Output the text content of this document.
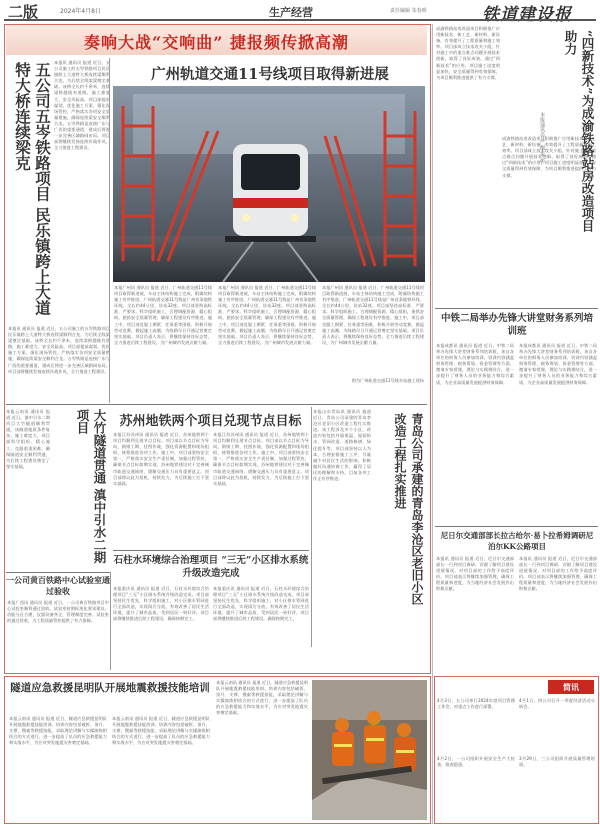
二版	2024年4月8日	生产经营	责任编辑 朱春明	铁道建设报
奏响大战“交响曲” 捷报频传掀高潮
五公司五岑铁路项目 民乐镇跨上大道特大桥连续梁克	本报讯 通讯员 报道 近日，五公司施工的五岑铁路项目民乐镇跨上大道特大桥连续梁顺利合龙，为后续全线架梁奠定基础。该桥全长约千余米，连续梁跨越既有道路，施工难度大、安全风险高。项目部提前谋划，优化施工方案，强化现场管控，严格落实各项安全质量措施，确保连续梁安全顺利合龙。五岑铁路是连接广东与广西的重要通道，建成后将进一步完善区域路网布局。项目部将继续发扬连续作战作风，全力推进工程建设。
本报讯 通讯员 报道 近日，五公司施工的五岑铁路项目民乐镇跨上大道特大桥连续梁顺利合龙，为后续全线架梁奠定基础。该桥全长约千余米，连续梁跨越既有道路，施工难度大、安全风险高。项目部提前谋划，优化施工方案，强化现场管控，严格落实各项安全质量措施，确保连续梁安全顺利合龙。五岑铁路是连接广东与广西的重要通道，建成后将进一步完善区域路网布局。项目部将继续发扬连续作战作风，全力推进工程建设。
广州轨道交通11号线项目取得新进展
本报广州讯 通讯员 报道 近日，广州轨道交通11号线项目取得新进展，车站主体结构施工完成，附属结构施工有序推进。广州轨道交通11号线是广州首条地铁环线，全长约44公里，设站32座。项目部坚持高标准、严要求，科学组织施工，合理调配资源，精心组织，狠抓安全质量管理，确保工程建设有序推进。施工中，项目部克服工期紧、任务重等困难，积极开展劳动竞赛，掀起施工高潮，为线路早日开通运营奠定坚实基础。项目负责人表示，将继续保持良好态势，全力推进后续工程建设，为广州城市发展贡献力量。
本报广州讯 通讯员 报道 近日，广州轨道交通11号线项目取得新进展，车站主体结构施工完成，附属结构施工有序推进。广州轨道交通11号线是广州首条地铁环线，全长约44公里，设站32座。项目部坚持高标准、严要求，科学组织施工，合理调配资源，精心组织，狠抓安全质量管理，确保工程建设有序推进。施工中，项目部克服工期紧、任务重等困难，积极开展劳动竞赛，掀起施工高潮，为线路早日开通运营奠定坚实基础。项目负责人表示，将继续保持良好态势，全力推进后续工程建设，为广州城市发展贡献力量。
本报广州讯 通讯员 报道 近日，广州轨道交通11号线项目取得新进展，车站主体结构施工完成，附属结构施工有序推进。广州轨道交通11号线是广州首条地铁环线，全长约44公里，设站32座。项目部坚持高标准、严要求，科学组织施工，合理调配资源，精心组织，狠抓安全质量管理，确保工程建设有序推进。施工中，项目部克服工期紧、任务重等困难，积极开展劳动竞赛，掀起施工高潮，为线路早日开通运营奠定坚实基础。项目负责人表示，将继续保持良好态势，全力推进后续工程建设，为广州城市发展贡献力量。
图为广州轨道交通11号线车站施工现场
本报云南讯 通讯员 报道 近日，滇中引水二期项目大竹隧道顺利贯通。该隧道地质条件复杂，施工难度大，项目部科学组织、精心施工，克服重重困难，确保隧道安全顺利贯通，为后续工程建设奠定了坚实基础。	大竹隧道贯通 滇中引水二期项目	苏州地铁两个项目兑现节点目标
本报江苏苏州讯 通讯员 报道 近日，苏州地铁两个项目均顺利兑现节点目标。项目部以节点目标为导向，倒排工期、挂图作战，强化资源配置和现场组织，统筹推进各项工作。施工中，项目部坚持安全第一，严格落实安全生产责任制，加强过程管控，确保节点目标如期实现。苏州地铁建设对于完善城市轨道交通网络、缓解交通压力具有重要意义。项目部将以此为契机，持续发力，为后续施工打下坚实基础。
本报江苏苏州讯 通讯员 报道 近日，苏州地铁两个项目均顺利兑现节点目标。项目部以节点目标为导向，倒排工期、挂图作战，强化资源配置和现场组织，统筹推进各项工作。施工中，项目部坚持安全第一，严格落实安全生产责任制，加强过程管控，确保节点目标如期实现。苏州地铁建设对于完善城市轨道交通网络、缓解交通压力具有重要意义。项目部将以此为契机，持续发力，为后续施工打下坚实基础。
本报山东青岛讯 通讯员 报道 近日，青岛公司承建的青岛李沧区老旧小区改造工程扎实推进。该工程涉及多个小区，改造内容包括外墙保温、屋面防水、管网改造、道路修缮、绿化提升等。项目部坚持以人为本，合理安排施工工序，尽量减少对居民生活的影响，积极做好沟通协调工作，赢得了居民的理解和支持。目前各项工作正有序推进。	青岛公司承建的青岛李沧区老旧小区改造工程扎实推进
一公司黄百铁路中心试验室通过验收
本报广西讯 通讯员 报道 近日，一公司黄百铁路项目中心试验室顺利通过验收。试验室按照标准化要求建设，功能分区合理，仪器设备齐全，管理制度完善。试验室的通过验收，为工程质量管控提供了有力保障。
石柱水环境综合治理项目 “三无”小区排水系统升级改造完成
本报重庆讯 通讯员 报道 近日，石柱水环境综合治理项目“三无”小区排水系统升级改造完成。项目部坚持民生优先，科学组织施工，对小区排水管网进行全面改造，实现雨污分流，有效改善了居民生活环境，提升了城市品质，受到居民一致好评。项目部将继续推进后续工程建设，确保按期完工。
本报重庆讯 通讯员 报道 近日，石柱水环境综合治理项目“三无”小区排水系统升级改造完成。项目部坚持民生优先，科学组织施工，对小区排水管网进行全面改造，实现雨污分流，有效改善了居民生活环境，提升了城市品质，受到居民一致好评。项目部将继续推进后续工程建设，确保按期完工。
成渝铁路站房改造项目积极推广应用新技术、新工艺、新材料、新设备，有效提升了工程质量和施工效率。项目部成立技术攻关小组，针对施工中的重点难点问题开展技术创新，取得了良好成效。通过“四新技术”的应用，项目施工进度明显加快，安全质量得到有效保障，为项目顺利推进提供了有力支撑。
成渝铁路站房改造项目积极推广应用新技术、新工艺、新材料、新设备，有效提升了工程质量和施工效率。项目部成立技术攻关小组，针对施工中的重点难点问题开展技术创新，取得了良好成效。通过“四新技术”的应用，项目施工进度明显加快，安全质量得到有效保障，为项目顺利推进提供了有力支撑。	“四新技术”为成渝铁路站房改造项目助力
本报通讯员 卢 刚 朱 彬
中铁二局举办先锋大讲堂财务系列培训班
本报成都讯 通讯员 报道 近日，中铁二局举办先锋大讲堂财务系列培训班，来自各单位的财务人员参加培训。培训内容涵盖财务管理、税务筹划、资金管理等方面，邀请专家授课，理论与实践相结合，进一步提升了财务人员的业务能力和综合素质，为企业高质量发展提供财务保障。
本报成都讯 通讯员 报道 近日，中铁二局举办先锋大讲堂财务系列培训班，来自各单位的财务人员参加培训。培训内容涵盖财务管理、税务筹划、资金管理等方面，邀请专家授课，理论与实践相结合，进一步提升了财务人员的业务能力和综合素质，为企业高质量发展提供财务保障。
尼日尔交通部部长拉古给尔·易卜拉希姆调研尼泊尔KK公路项目
本报讯 通讯员 报道 近日，尼日尔交通部部长一行到项目调研，详细了解项目建设进展情况，对项目部的工作给予高度评价。项目部表示将继续加强管理，确保工程质量和进度，为当地经济社会发展作出积极贡献。
本报讯 通讯员 报道 近日，尼日尔交通部部长一行到项目调研，详细了解项目建设进展情况，对项目部的工作给予高度评价。项目部表示将继续加强管理，确保工程质量和进度，为当地经济社会发展作出积极贡献。
隧道应急救援昆明队开展地震救援技能培训
本报云南讯 通讯员 报道 近日，隧道应急救援昆明队开展地震救援技能培训。培训内容包括破拆、顶升、支撑、搜索等救援技能，采取理论讲解与实操演练相结合的方式进行，进一步提高了队员的应急救援能力和实战水平，为应对突发地震灾害奠定基础。
本报云南讯 通讯员 报道 近日，隧道应急救援昆明队开展地震救援技能培训。培训内容包括破拆、顶升、支撑、搜索等救援技能，采取理论讲解与实操演练相结合的方式进行，进一步提高了队员的应急救援能力和实战水平，为应对突发地震灾害奠定基础。
本报云南讯 通讯员 报道 近日，隧道应急救援昆明队开展地震救援技能培训。培训内容包括破拆、顶升、支撑、搜索等救援技能，采取理论讲解与实操演练相结合的方式进行，进一步提高了队员的应急救援能力和实战水平，为应对突发地震灾害奠定基础。
简讯
4月3日，五公司举行2024年度项目管理工作会，对重点工作进行部署。
4月2日，一公司组织开展安全生产大检查，排查隐患。
4月1日，四公司召开一季度经济活动分析会。
3月29日，三公司组织开展质量管理培训。
